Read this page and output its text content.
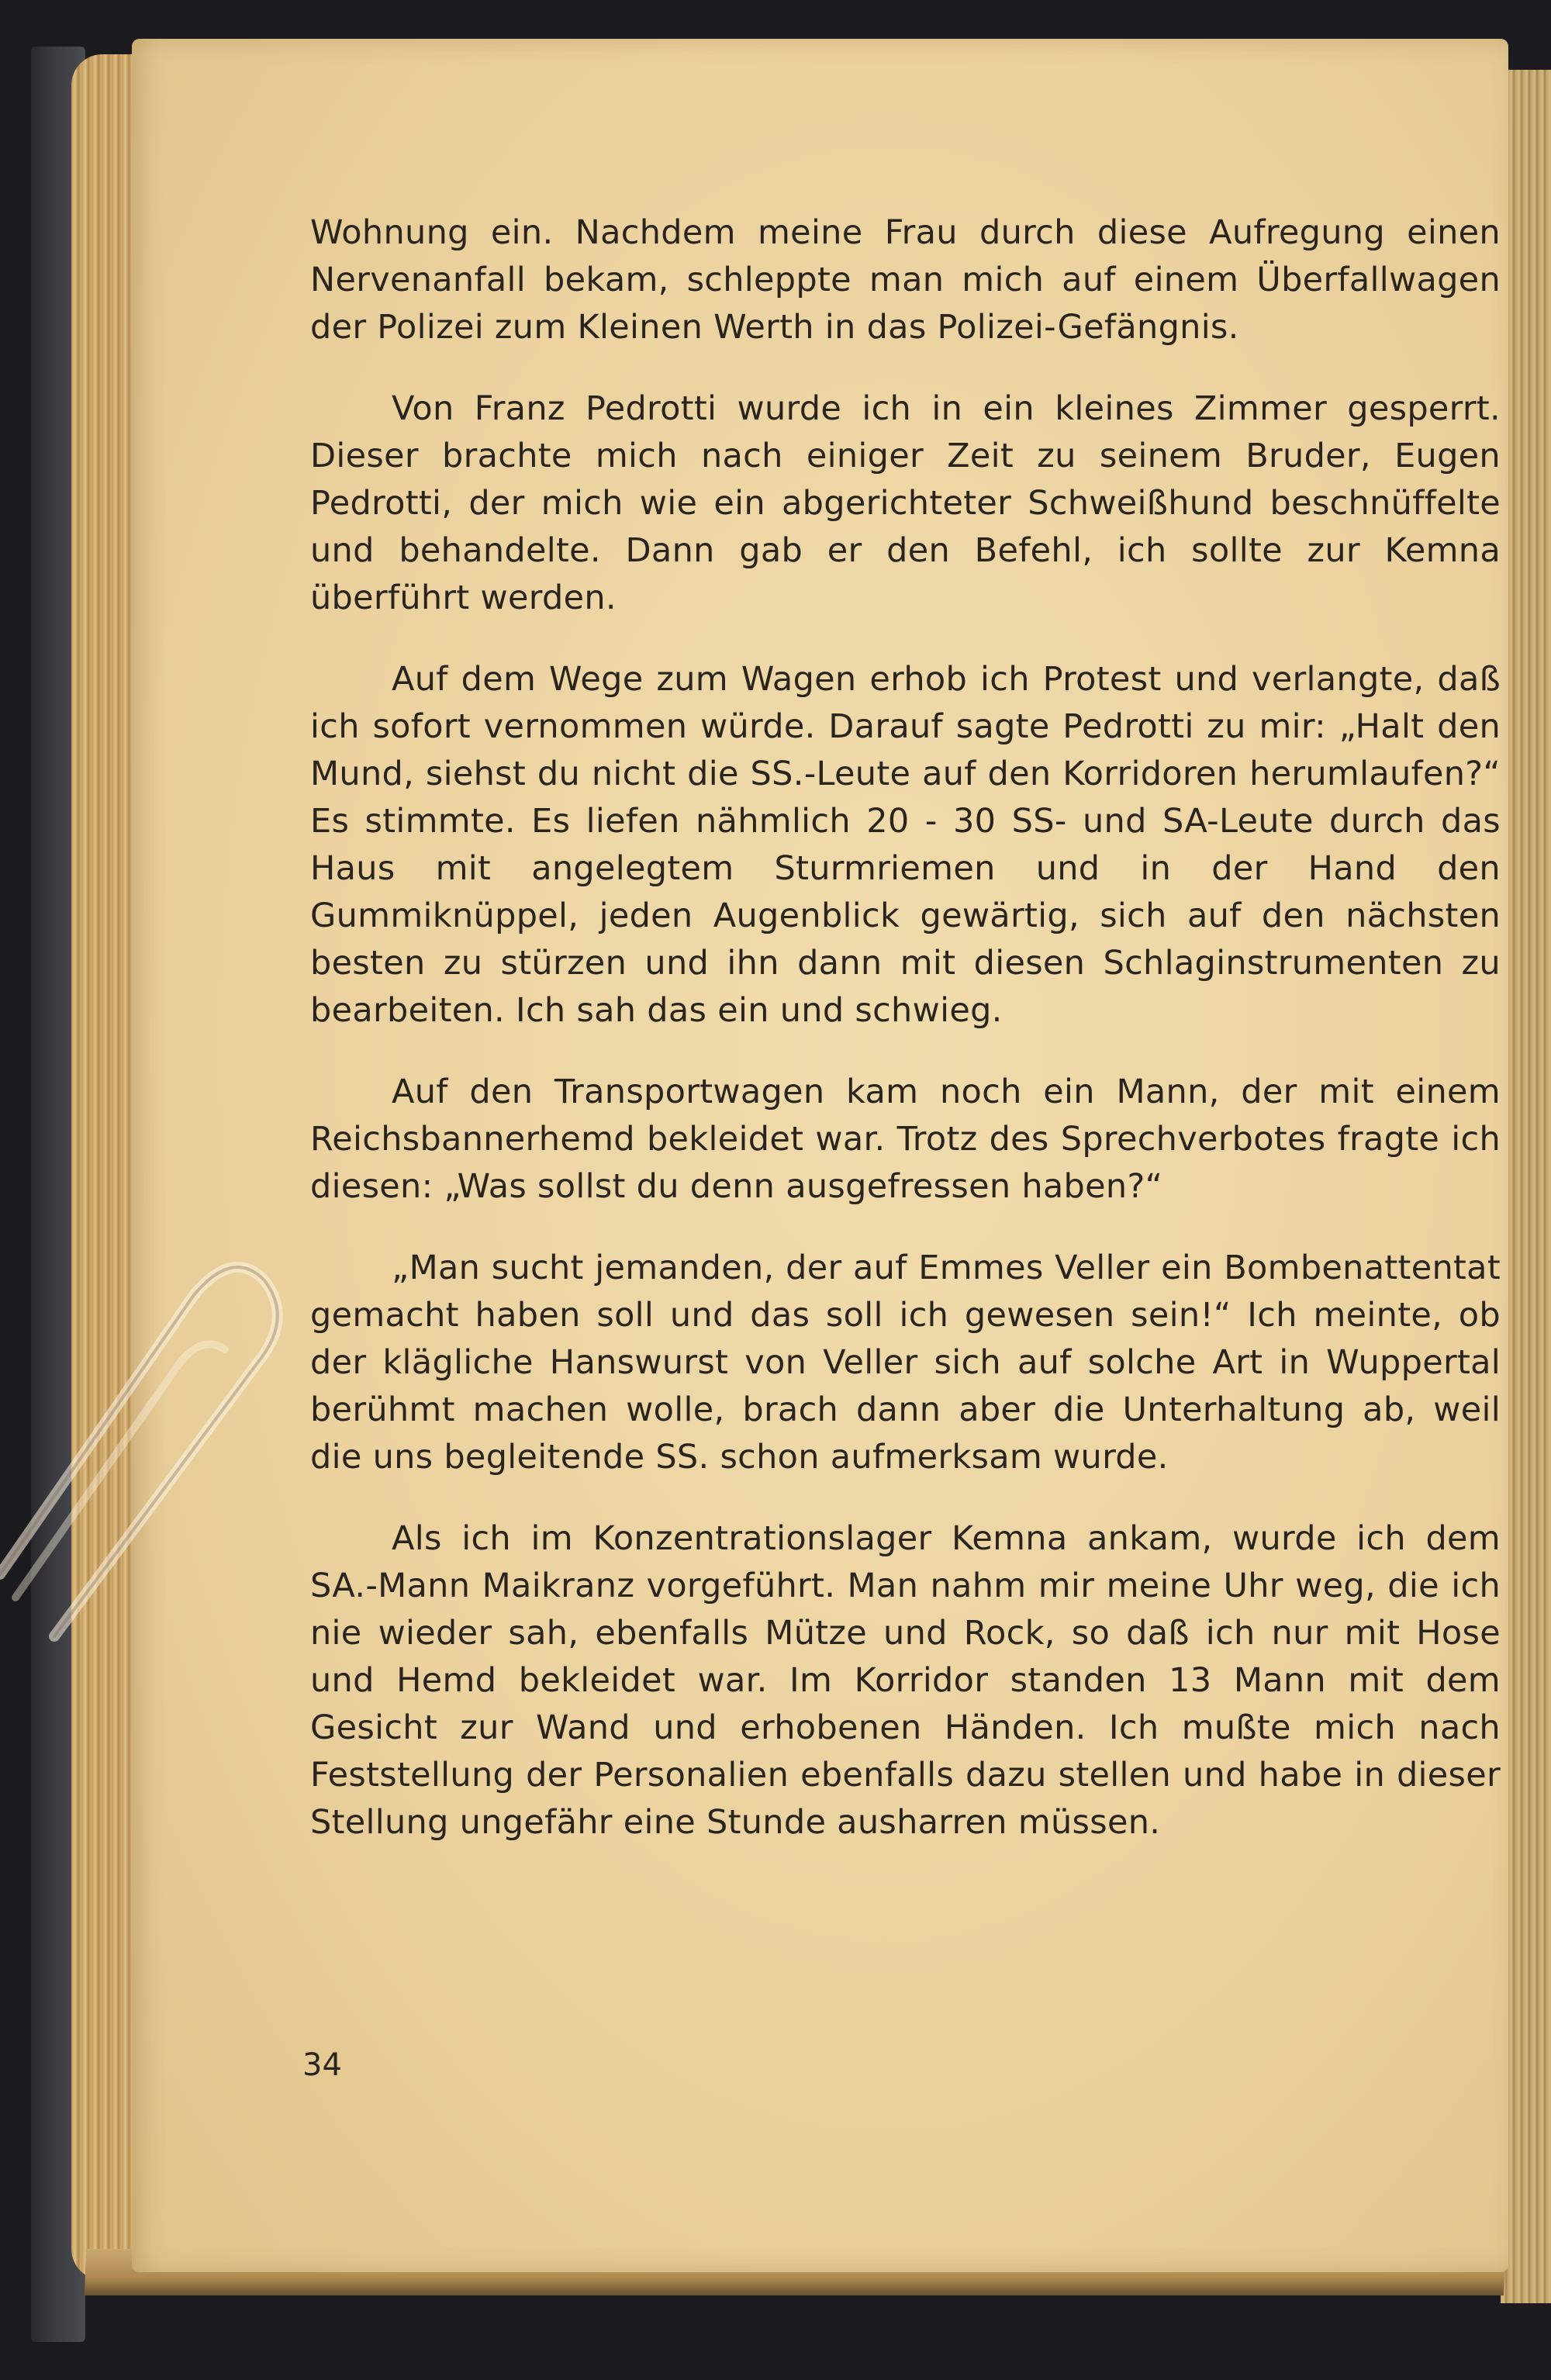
Wohnung ein. Nachdem meine Frau durch diese Aufregung einen Nervenanfall bekam, schleppte man mich auf einem Überfallwagen der Polizei zum Kleinen Werth in das Polizei-Gefängnis.

Von Franz Pedrotti wurde ich in ein kleines Zimmer gesperrt. Dieser brachte mich nach einiger Zeit zu seinem Bruder, Eugen Pedrotti, der mich wie ein abgerichteter Schweißhund beschnüffelte und behandelte. Dann gab er den Befehl, ich sollte zur Kemna überführt werden.

Auf dem Wege zum Wagen erhob ich Protest und verlangte, daß ich sofort vernommen würde. Darauf sagte Pedrotti zu mir: „Halt den Mund, siehst du nicht die SS.-Leute auf den Korridoren herumlaufen?“ Es stimmte. Es liefen nähmlich 20 - 30 SS- und SA-Leute durch das Haus mit angelegtem Sturmriemen und in der Hand den Gummiknüppel, jeden Augenblick gewärtig, sich auf den nächsten besten zu stürzen und ihn dann mit diesen Schlaginstrumenten zu bearbeiten. Ich sah das ein und schwieg.

Auf den Transportwagen kam noch ein Mann, der mit einem Reichsbannerhemd bekleidet war. Trotz des Sprechverbotes fragte ich diesen: „Was sollst du denn ausgefressen haben?“

„Man sucht jemanden, der auf Emmes Veller ein Bombenattentat gemacht haben soll und das soll ich gewesen sein!“ Ich meinte, ob der klägliche Hanswurst von Veller sich auf solche Art in Wuppertal berühmt machen wolle, brach dann aber die Unterhaltung ab, weil die uns begleitende SS. schon aufmerksam wurde.

Als ich im Konzentrationslager Kemna ankam, wurde ich dem SA.-Mann Maikranz vorgeführt. Man nahm mir meine Uhr weg, die ich nie wieder sah, ebenfalls Mütze und Rock, so daß ich nur mit Hose und Hemd bekleidet war. Im Korridor standen 13 Mann mit dem Gesicht zur Wand und erhobenen Händen. Ich mußte mich nach Feststellung der Personalien ebenfalls dazu stellen und habe in dieser Stellung ungefähr eine Stunde ausharren müssen.

34
